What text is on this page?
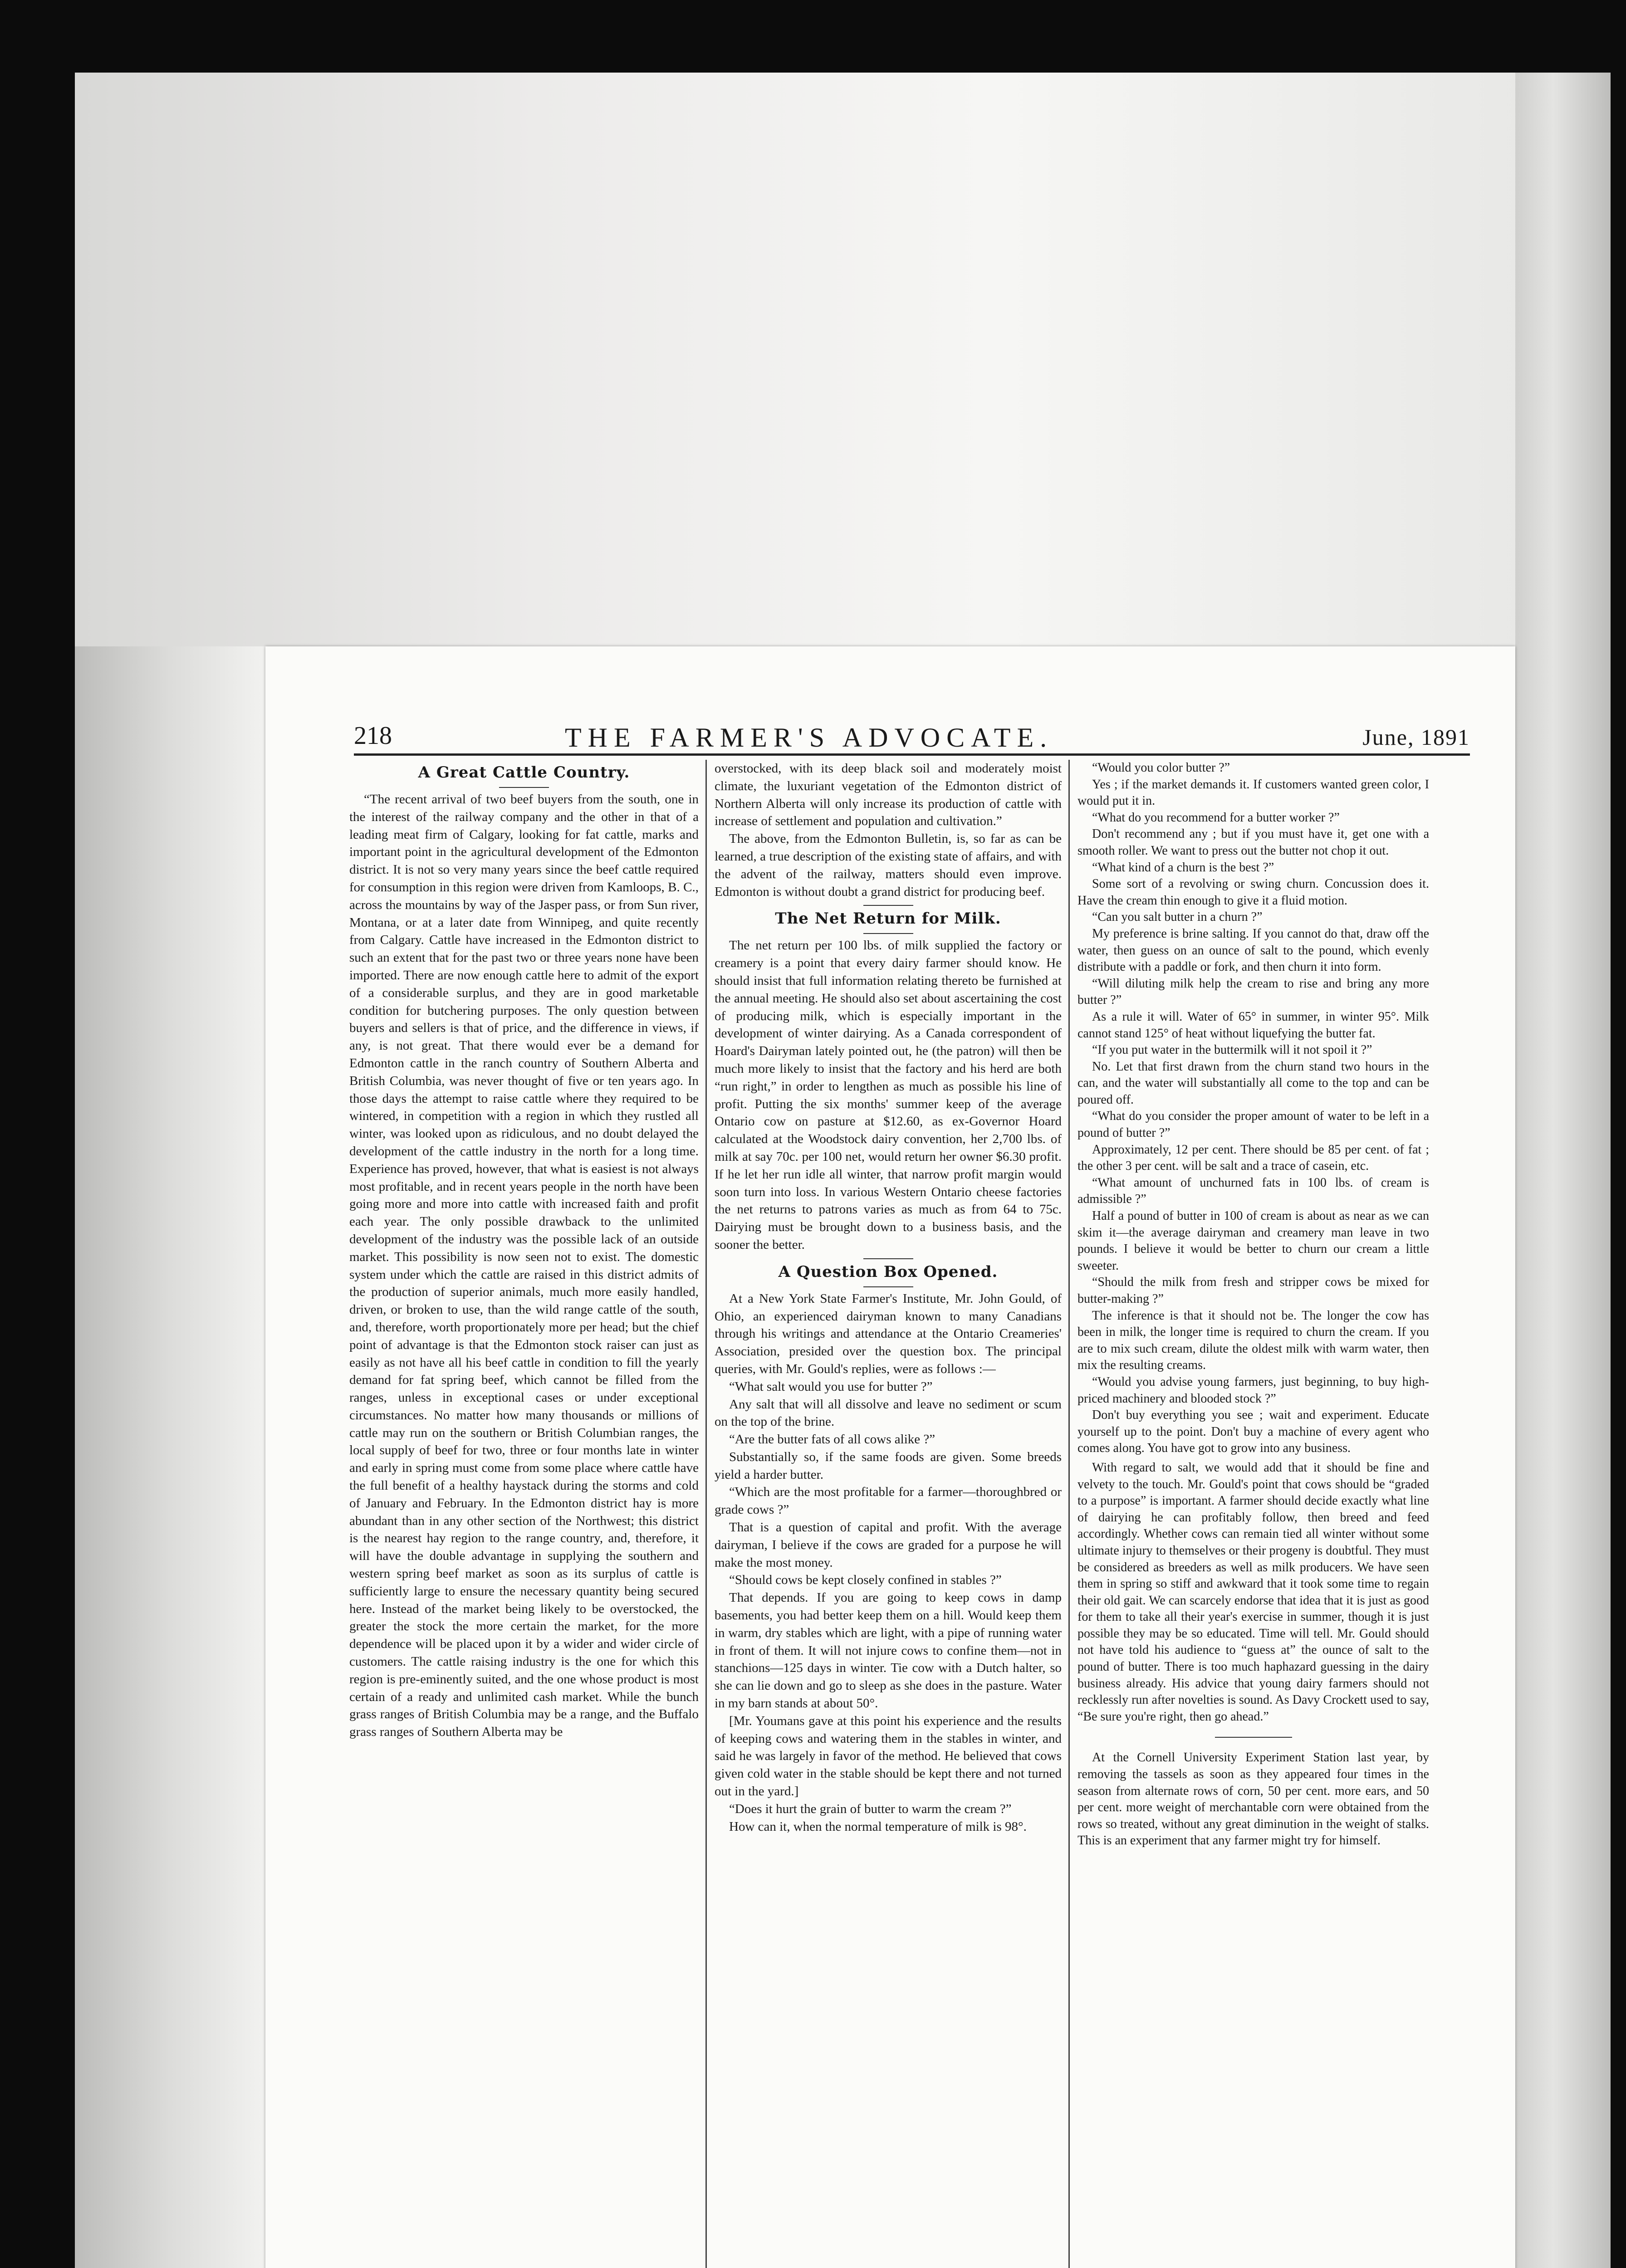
218	THE FARMER'S ADVOCATE.	June, 1891
A Great Cattle Country.

“The recent arrival of two beef buyers from the south, one in the interest of the railway company and the other in that of a leading meat firm of Calgary, looking for fat cattle, marks and important point in the agricultural development of the Edmonton district. It is not so very many years since the beef cattle required for consumption in this region were driven from Kamloops, B. C., across the mountains by way of the Jasper pass, or from Sun river, Montana, or at a later date from Winnipeg, and quite recently from Calgary. Cattle have increased in the Edmonton district to such an extent that for the past two or three years none have been imported. There are now enough cattle here to admit of the export of a considerable surplus, and they are in good marketable condition for butchering purposes. The only question between buyers and sellers is that of price, and the difference in views, if any, is not great. That there would ever be a demand for Edmonton cattle in the ranch country of Southern Alberta and British Columbia, was never thought of five or ten years ago. In those days the attempt to raise cattle where they required to be wintered, in competition with a region in which they rustled all winter, was looked upon as ridiculous, and no doubt delayed the development of the cattle industry in the north for a long time. Experience has proved, however, that what is easiest is not always most profitable, and in recent years people in the north have been going more and more into cattle with increased faith and profit each year. The only possible drawback to the unlimited development of the industry was the possible lack of an outside market. This possibility is now seen not to exist. The domestic system under which the cattle are raised in this district admits of the production of superior animals, much more easily handled, driven, or broken to use, than the wild range cattle of the south, and, therefore, worth proportionately more per head; but the chief point of advantage is that the Edmonton stock raiser can just as easily as not have all his beef cattle in condition to fill the yearly demand for fat spring beef, which cannot be filled from the ranges, unless in exceptional cases or under exceptional circumstances. No matter how many thousands or millions of cattle may run on the southern or British Columbian ranges, the local supply of beef for two, three or four months late in winter and early in spring must come from some place where cattle have the full benefit of a healthy haystack during the storms and cold of January and February. In the Edmonton district hay is more abundant than in any other section of the Northwest; this district is the nearest hay region to the range country, and, therefore, it will have the double advantage in supplying the southern and western spring beef market as soon as its surplus of cattle is sufficiently large to ensure the necessary quantity being secured here. Instead of the market being likely to be overstocked, the greater the stock the more certain the market, for the more dependence will be placed upon it by a wider and wider circle of customers. The cattle raising industry is the one for which this region is pre-eminently suited, and the one whose product is most certain of a ready and unlimited cash market. While the bunch grass ranges of British Columbia may be a range, and the Buffalo grass ranges of Southern Alberta may be

overstocked, with its deep black soil and moderately moist climate, the luxuriant vegetation of the Edmonton district of Northern Alberta will only increase its production of cattle with increase of settlement and population and cultivation.”

The above, from the Edmonton Bulletin, is, so far as can be learned, a true description of the existing state of affairs, and with the advent of the railway, matters should even improve. Edmonton is without doubt a grand district for producing beef.

The Net Return for Milk.

The net return per 100 lbs. of milk supplied the factory or creamery is a point that every dairy farmer should know. He should insist that full information relating thereto be furnished at the annual meeting. He should also set about ascertaining the cost of producing milk, which is especially important in the development of winter dairying. As a Canada correspondent of Hoard's Dairyman lately pointed out, he (the patron) will then be much more likely to insist that the factory and his herd are both “run right,” in order to lengthen as much as possible his line of profit. Putting the six months' summer keep of the average Ontario cow on pasture at $12.60, as ex-Governor Hoard calculated at the Woodstock dairy convention, her 2,700 lbs. of milk at say 70c. per 100 net, would return her owner $6.30 profit. If he let her run idle all winter, that narrow profit margin would soon turn into loss. In various Western Ontario cheese factories the net returns to patrons varies as much as from 64 to 75c. Dairying must be brought down to a business basis, and the sooner the better.

A Question Box Opened.

At a New York State Farmer's Institute, Mr. John Gould, of Ohio, an experienced dairyman known to many Canadians through his writings and attendance at the Ontario Creameries' Association, presided over the question box. The principal queries, with Mr. Gould's replies, were as follows :—

“What salt would you use for butter ?”

Any salt that will all dissolve and leave no sediment or scum on the top of the brine.

“Are the butter fats of all cows alike ?”

Substantially so, if the same foods are given. Some breeds yield a harder butter.

“Which are the most profitable for a farmer—thoroughbred or grade cows ?”

That is a question of capital and profit. With the average dairyman, I believe if the cows are graded for a purpose he will make the most money.

“Should cows be kept closely confined in stables ?”

That depends. If you are going to keep cows in damp basements, you had better keep them on a hill. Would keep them in warm, dry stables which are light, with a pipe of running water in front of them. It will not injure cows to confine them—not in stanchions—125 days in winter. Tie cow with a Dutch halter, so she can lie down and go to sleep as she does in the pasture. Water in my barn stands at about 50°.

[Mr. Youmans gave at this point his experience and the results of keeping cows and watering them in the stables in winter, and said he was largely in favor of the method. He believed that cows given cold water in the stable should be kept there and not turned out in the yard.]

“Does it hurt the grain of butter to warm the cream ?”

How can it, when the normal temperature of milk is 98°.

“Would you color butter ?”

Yes ; if the market demands it. If customers wanted green color, I would put it in.

“What do you recommend for a butter worker ?”

Don't recommend any ; but if you must have it, get one with a smooth roller. We want to press out the butter not chop it out.

“What kind of a churn is the best ?”

Some sort of a revolving or swing churn. Concussion does it. Have the cream thin enough to give it a fluid motion.

“Can you salt butter in a churn ?”

My preference is brine salting. If you cannot do that, draw off the water, then guess on an ounce of salt to the pound, which evenly distribute with a paddle or fork, and then churn it into form.

“Will diluting milk help the cream to rise and bring any more butter ?”

As a rule it will. Water of 65° in summer, in winter 95°. Milk cannot stand 125° of heat without liquefying the butter fat.

“If you put water in the buttermilk will it not spoil it ?”

No. Let that first drawn from the churn stand two hours in the can, and the water will substantially all come to the top and can be poured off.

“What do you consider the proper amount of water to be left in a pound of butter ?”

Approximately, 12 per cent. There should be 85 per cent. of fat ; the other 3 per cent. will be salt and a trace of casein, etc.

“What amount of unchurned fats in 100 lbs. of cream is admissible ?”

Half a pound of butter in 100 of cream is about as near as we can skim it—the average dairyman and creamery man leave in two pounds. I believe it would be better to churn our cream a little sweeter.

“Should the milk from fresh and stripper cows be mixed for butter-making ?”

The inference is that it should not be. The longer the cow has been in milk, the longer time is required to churn the cream. If you are to mix such cream, dilute the oldest milk with warm water, then mix the resulting creams.

“Would you advise young farmers, just beginning, to buy high-priced machinery and blooded stock ?”

Don't buy everything you see ; wait and experiment. Educate yourself up to the point. Don't buy a machine of every agent who comes along. You have got to grow into any business.

With regard to salt, we would add that it should be fine and velvety to the touch. Mr. Gould's point that cows should be “graded to a purpose” is important. A farmer should decide exactly what line of dairying he can profitably follow, then breed and feed accordingly. Whether cows can remain tied all winter without some ultimate injury to themselves or their progeny is doubtful. They must be considered as breeders as well as milk producers. We have seen them in spring so stiff and awkward that it took some time to regain their old gait. We can scarcely endorse that idea that it is just as good for them to take all their year's exercise in summer, though it is just possible they may be so educated. Time will tell. Mr. Gould should not have told his audience to “guess at” the ounce of salt to the pound of butter. There is too much haphazard guessing in the dairy business already. His advice that young dairy farmers should not recklessly run after novelties is sound. As Davy Crockett used to say, “Be sure you're right, then go ahead.”

At the Cornell University Experiment Station last year, by removing the tassels as soon as they appeared four times in the season from alternate rows of corn, 50 per cent. more ears, and 50 per cent. more weight of merchantable corn were obtained from the rows so treated, without any great diminution in the weight of stalks. This is an experiment that any farmer might try for himself.
